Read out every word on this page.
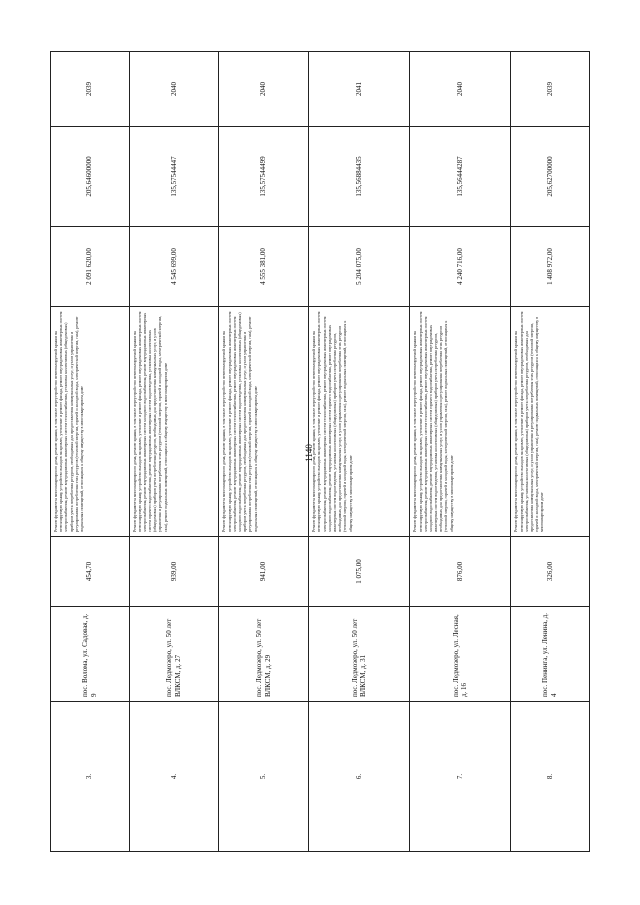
1140
3.	пос. Волома, ул. Садовая, д. 9	454,70	Ремонт фундамента многоквартирного дома, ремонт крыши, в том числе переустройство невентилируемой крыши на вентилируемую крышу, устройство выходов на кровлю, утепление и ремонт фасада, ремонт внутридомовых инженерных систем электроснабжения, ремонт внутридомовых инженерных систем теплоснабжения, установка коллективных (общедомовых) приборов учета потребления ресурсов, необходимых для предоставления коммунальных услуг, и узлов управления и регулирования потребления этих ресурсов (тепловой энергии, горячей и холодной воды, электрической энергии, газа), ремонт подвальных помещений, относящихся к общему имуществу в многоквартирном доме	2 091 620,00	205,64600000	2039
4.	пос. Ледмозеро, ул. 50 лет ВЛКСМ, д. 27	939,00	Ремонт фундамента многоквартирного дома, ремонт крыши, в том числе переустройство невентилируемой крыши на вентилируемую крышу, устройство выходов на кровлю, утепление и ремонт фасада, ремонт внутридомовых инженерных систем электроснабжения, ремонт внутридомовых инженерных систем холодного водоснабжения, ремонт внутридомовых инженерных систем горячего водоснабжения, ремонт внутридомовых инженерных систем водоотведения, установка коллективных (общедомовых) приборов учета потребления ресурсов, необходимых для предоставления коммунальных услуг, и узлов управления и регулирования потребления этих ресурсов (тепловой энергии, горячей и холодной воды, электрической энергии, газа), ремонт подвальных помещений, относящихся к общему имуществу в многоквартирном доме	4 545 699,00	135,57544447	2040
5.	пос. Ледмозеро, ул. 50 лет ВЛКСМ, д. 29	941,00	Ремонт фундамента многоквартирного дома, ремонт крыши, в том числе переустройство невентилируемой крыши на вентилируемую крышу, устройство выходов на кровлю, утепление и ремонт фасада, ремонт внутридомовых инженерных систем электроснабжения, ремонт внутридомовых инженерных систем теплоснабжения, ремонт внутридомовых инженерных систем холодного водоснабжения, ремонт внутридомовых инженерных систем водоотведения, установка коллективных (общедомовых) приборов учета потребления ресурсов, необходимых для предоставления коммунальных услуг, и узлов управления и регулирования потребления этих ресурсов (тепловой энергии, горячей и холодной воды, электрической энергии, газа), ремонт подвальных помещений, относящихся к общему имуществу в многоквартирном доме	4 555 381,00	135,57544499	2040
6.	пос. Ледмозеро, ул. 50 лет ВЛКСМ, д. 31	1 075,00	Ремонт фундамента многоквартирного дома, ремонт крыши, в том числе переустройство невентилируемой крыши на вентилируемую крышу, устройство выходов на кровлю, утепление и ремонт фасада, ремонт внутридомовых инженерных систем электроснабжения, ремонт внутридомовых инженерных систем теплоснабжения, ремонт внутридомовых инженерных систем холодного водоснабжения, ремонт внутридомовых инженерных систем горячего водоснабжения, ремонт внутридомовых инженерных систем водоотведения, установка коллективных (общедомовых) приборов учета потребления ресурсов, необходимых для предоставления коммунальных услуг, и узлов управления и регулирования потребления этих ресурсов (тепловой энергии, горячей и холодной воды, электрической энергии, газа), ремонт подвальных помещений, относящихся к общему имуществу в многоквартирном доме	5 204 075,00	135,56884435	2041
7.	пос. Ледмозеро, ул. Лесная, д. 16	876,00	Ремонт фундамента многоквартирного дома, ремонт крыши, в том числе переустройство невентилируемой крыши на вентилируемую крышу, устройство выходов на кровлю, утепление и ремонт фасада, ремонт внутридомовых инженерных систем электроснабжения, ремонт внутридомовых инженерных систем теплоснабжения, ремонт внутридомовых инженерных систем холодного водоснабжения, ремонт внутридомовых инженерных систем горячего водоснабжения, ремонт внутридомовых инженерных систем водоотведения, установка коллективных (общедомовых) приборов учета потребления ресурсов, необходимых для предоставления коммунальных услуг, и узлов управления и регулирования потребления этих ресурсов (тепловой энергии, горячей и холодной воды, электрической энергии, газа), ремонт подвальных помещений, относящихся к общему имуществу в многоквартирном доме	4 240 716,00	135,56444287	2040
8.	пос. Пенинга, ул. Ленина, д. 4	326,00	Ремонт фундамента многоквартирного дома, ремонт крыши, в том числе переустройство невентилируемой крыши на вентилируемую крышу, устройство выходов на кровлю, утепление и ремонт фасада, ремонт внутридомовых инженерных систем электроснабжения, установка коллективных (общедомовых) приборов учета потребления ресурсов, необходимых для предоставления коммунальных услуг, и узлов управления и регулирования потребления этих ресурсов (тепловой энергии, горячей и холодной воды, электрической энергии, газа), ремонт подвальных помещений, относящихся к общему имуществу в многоквартирном доме	1 408 972,00	205,62700000	2039
